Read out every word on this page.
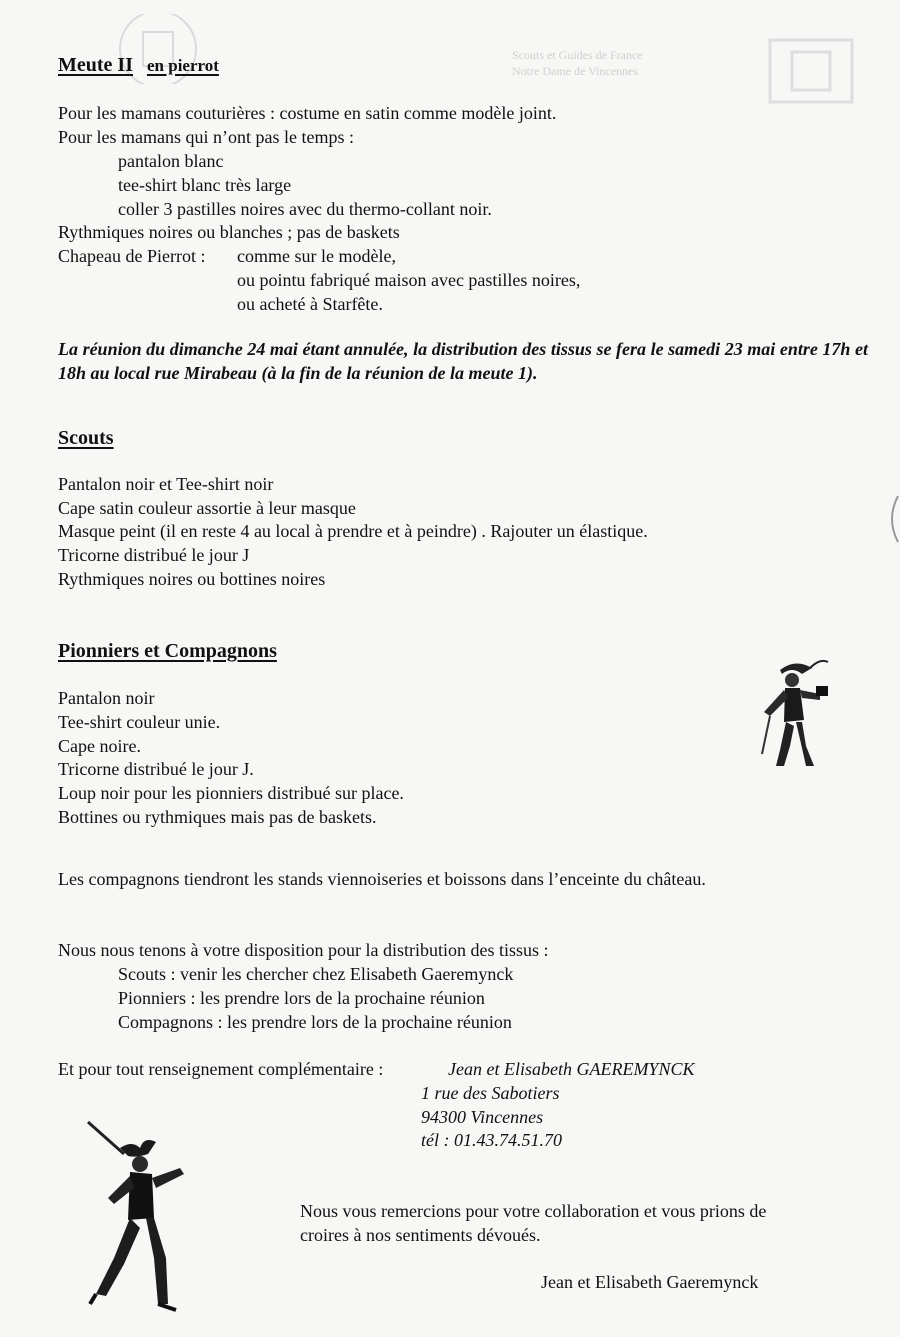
Scouts et Guides de France
Notre Dame de Vincennes
Meute II en pierrot
Pour les mamans couturières : costume en satin comme modèle joint.
Pour les mamans qui n’ont pas le temps :
pantalon blanc
tee-shirt blanc très large
coller 3 pastilles noires avec du thermo-collant noir.
Rythmiques noires ou blanches ; pas de baskets
Chapeau de Pierrot : comme sur le modèle,
ou pointu fabriqué maison avec pastilles noires,
ou acheté à Starfête.
La réunion du dimanche 24 mai étant annulée, la distribution des tissus se fera le samedi 23 mai entre 17h et 18h au local rue Mirabeau (à la fin de la réunion de la meute 1).
Scouts
Pantalon noir et Tee-shirt noir
Cape satin couleur assortie à leur masque
Masque peint (il en reste 4 au local à prendre et à peindre) . Rajouter un élastique.
Tricorne distribué le jour J
Rythmiques noires ou bottines noires
Pionniers et Compagnons
Pantalon noir
Tee-shirt couleur unie.
Cape noire.
Tricorne distribué le jour J.
Loup noir pour les pionniers distribué sur place.
Bottines ou rythmiques mais pas de baskets.
Les compagnons tiendront les stands viennoiseries et boissons dans l’enceinte du château.
Nous nous tenons à votre disposition pour la distribution des tissus :
Scouts : venir les chercher chez Elisabeth Gaeremynck
Pionniers : les prendre lors de la prochaine réunion
Compagnons : les prendre lors de la prochaine réunion
Et pour tout renseignement complémentaire :	Jean et Elisabeth GAEREMYNCK
1 rue des Sabotiers
94300 Vincennes
tél : 01.43.74.51.70
Nous vous remercions pour votre collaboration et vous prions de
croires à nos sentiments dévoués.
Jean et Elisabeth Gaeremynck
